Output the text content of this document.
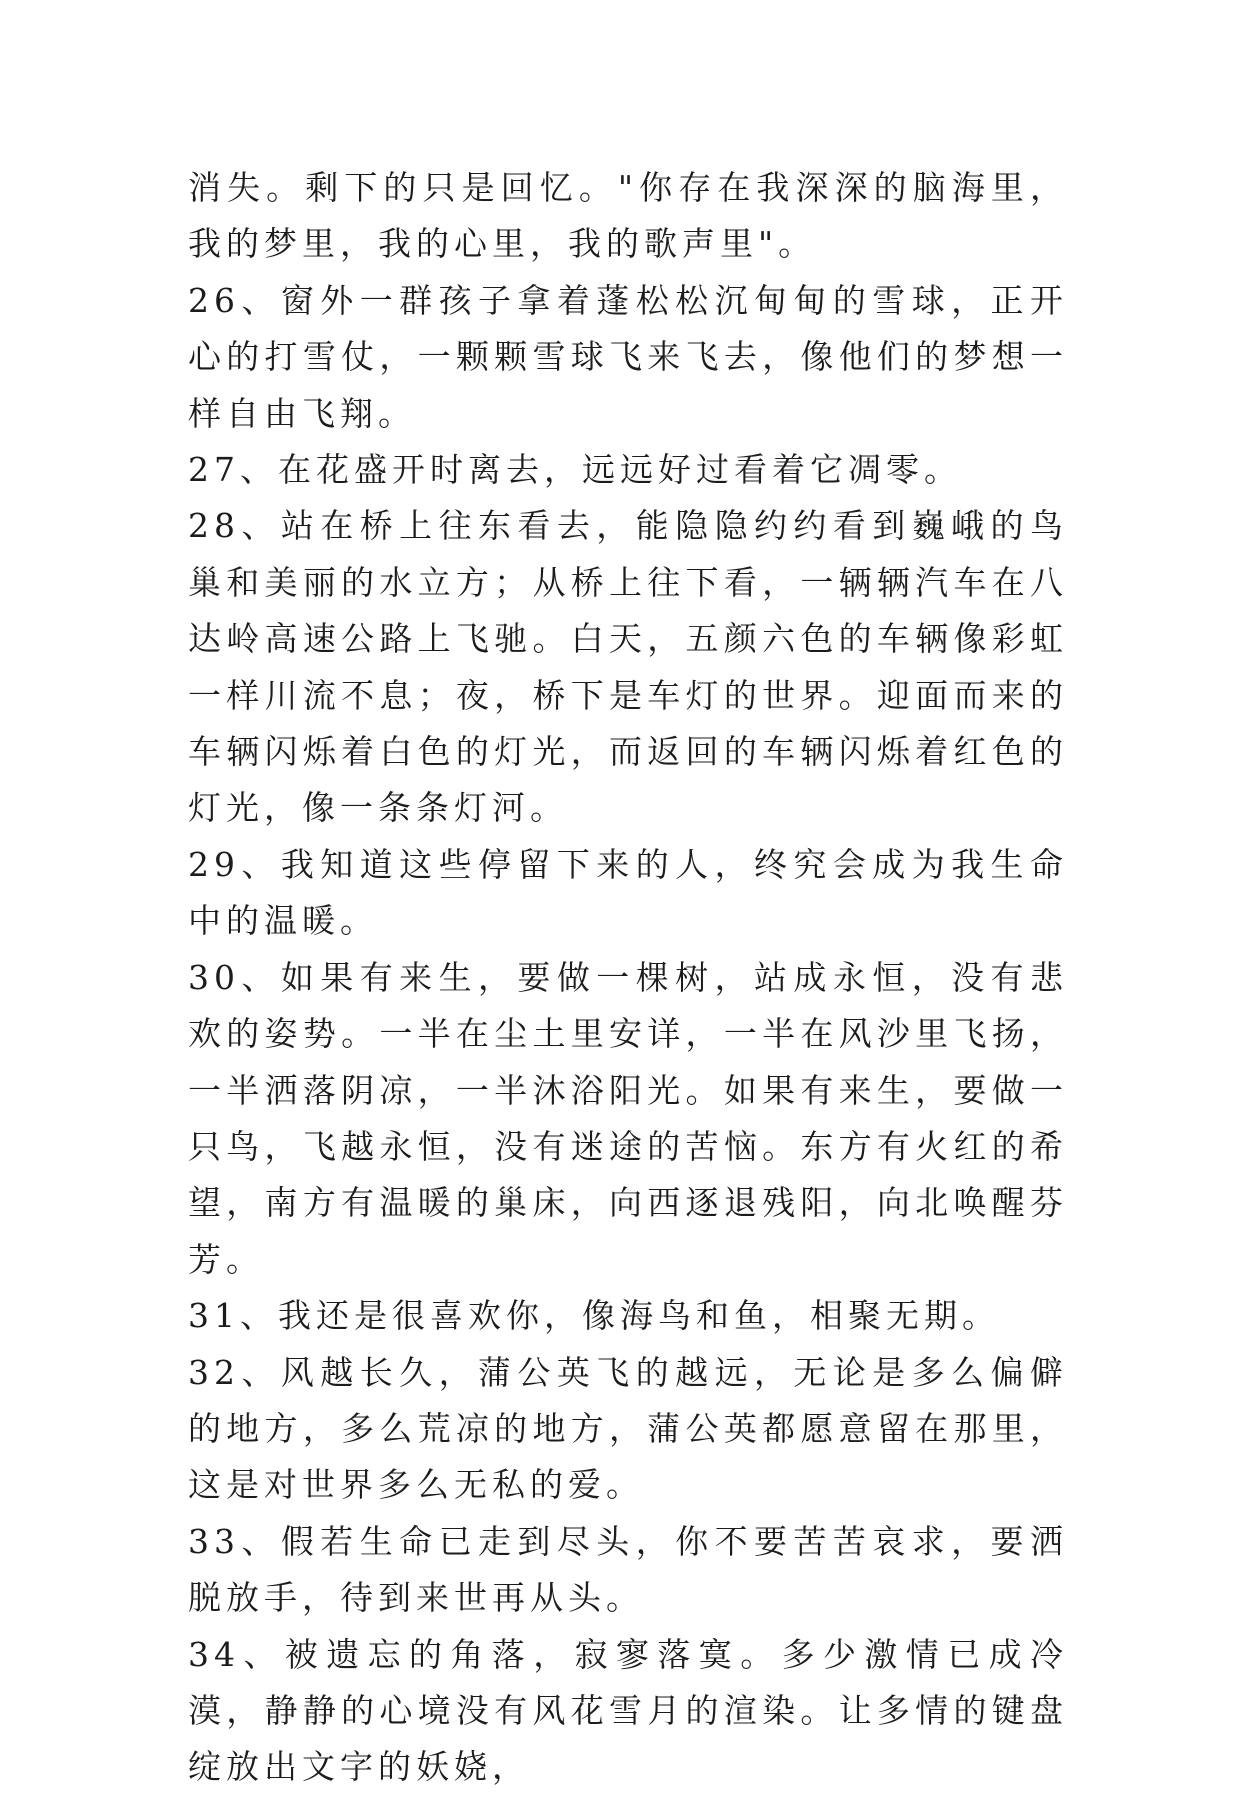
消失。剩下的只是回忆。"你存在我深深的脑海里，我的梦里，我的心里，我的歌声里"。

26、窗外一群孩子拿着蓬松松沉甸甸的雪球，正开心的打雪仗，一颗颗雪球飞来飞去，像他们的梦想一样自由飞翔。

27、在花盛开时离去，远远好过看着它凋零。

28、站在桥上往东看去，能隐隐约约看到巍峨的鸟巢和美丽的水立方；从桥上往下看，一辆辆汽车在八达岭高速公路上飞驰。白天，五颜六色的车辆像彩虹一样川流不息；夜，桥下是车灯的世界。迎面而来的车辆闪烁着白色的灯光，而返回的车辆闪烁着红色的灯光，像一条条灯河。

29、我知道这些停留下来的人，终究会成为我生命中的温暖。

30、如果有来生，要做一棵树，站成永恒，没有悲欢的姿势。一半在尘土里安详，一半在风沙里飞扬，一半洒落阴凉，一半沐浴阳光。如果有来生，要做一只鸟，飞越永恒，没有迷途的苦恼。东方有火红的希望，南方有温暖的巢床，向西逐退残阳，向北唤醒芬芳。

31、我还是很喜欢你，像海鸟和鱼，相聚无期。

32、风越长久，蒲公英飞的越远，无论是多么偏僻的地方，多么荒凉的地方，蒲公英都愿意留在那里，这是对世界多么无私的爱。

33、假若生命已走到尽头，你不要苦苦哀求，要洒脱放手，待到来世再从头。

34、被遗忘的角落，寂寥落寞。多少激情已成冷漠，静静的心境没有风花雪月的渲染。让多情的键盘绽放出文字的妖娆，
